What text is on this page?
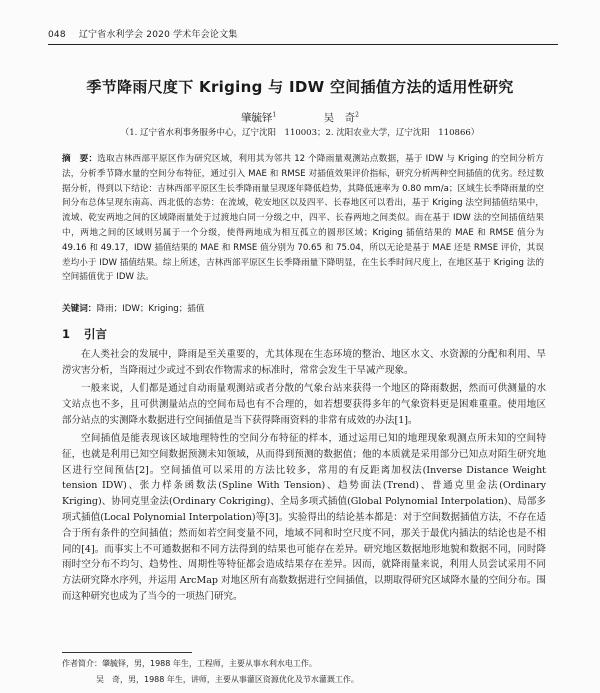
048 辽宁省水利学会 2020 学术年会论文集
季节降雨尺度下 Kriging 与 IDW 空间插值方法的适用性研究
肇毓铎$^1$	吴　奇$^2$
（1. 辽宁省水利事务服务中心，辽宁沈阳　110003；2. 沈阳农业大学，辽宁沈阳　110866）
摘　要：选取吉林西部平原区作为研究区域，利用其为邻共 12 个降雨量观测站点数据，基于 IDW 与 Kriging 的空间分析方法，分析季节降水量的空间分布特征，通过引入 MAE 和 RMSE 对插值效果评价指标，研究分析两种空间插值的优劣。经过数据分析，得到以下结论：吉林西部平原区生长季降雨量呈现逐年降低趋势，其降低速率为 0.80 mm/a；区域生长季降雨量的空间分布总体呈现东南高、西北低的态势：在流域，乾安地区以及四平、长春地区可以看出，基于 Kriging 法空间插值结果中，流域、乾安两地之间的区域降雨量处于过渡地白同一分级之中，四平、长春两地之间类似。而在基于 IDW 法的空间插值结果中，两地之间的区域则另属于一个分级，使得两地成为相互孤立的圆形区域；Kriging 插值结果的 MAE 和 RMSE 值分为 49.16 和 49.17，IDW 插值结果的 MAE 和 RMSE 值分别为 70.65 和 75.04，所以无论是基于 MAE 还是 RMSE 评价，其误差均小于 IDW 插值结果。综上所述，吉林西部平原区生长季降雨量下降明显，在生长季时间尺度上，在地区基于 Kriging 法的空间插值优于 IDW 法。
关键词：降雨；IDW；Kriging；插值
1 引言

在人类社会的发展中，降雨是至关重要的，尤其体现在生态环境的整治、地区水文、水资源的分配和利用、旱涝灾害分析，当降雨过少或过不到农作物需求的标准时，常常会发生干旱减产现象。

一般来说，人们都是通过自动雨量观测站或者分散的气象台站来获得一个地区的降雨数据，然而可供测量的水文站点也不多，且可供测量站点的空间布局也有不合理的，如若想要获得多年的气象资料更是困难重重。使用地区部分站点的实测降水数据进行空间插值是当下获得降雨资料的非常有成效的办法[1]。

空间插值是能表现该区域地理特性的空间分布特征的样本，通过运用已知的地理现象观测点所未知的空间特征，也就是利用已知空间数据预测未知领域，从而得到预测的数据值；他的本质就是采用部分已知点对陌生研究地区进行空间预估[2]。空间插值可以采用的方法比较多，常用的有反距离加权法(Inverse Distance Weight tension IDW)、张力样条函数法(Spline With Tension)、趋势面法(Trend)、普通克里金法(Ordinary Kriging)、协同克里金法(Ordinary Cokriging)、全局多项式插值(Global Polynomial Interpolation)、局部多项式插值(Local Polynomial Interpolation)等[3]。实验得出的结论基本都是：对于空间数据插值方法，不存在适合于所有条件的空间插值；然而如若空间变量不同，地域不同和时空尺度不同，那关于最优内插法的结论也是不相同的[4]。而事实上不可通数据和不同方法得到的结果也可能存在差异。研究地区数据地形地貌和数据不同，同时降雨时空分布不均匀、趋势性、周期性等特征都会造成结果存在差异。因而，就降雨量来说，利用人员尝试采用不同方法研究降水序列，并运用 ArcMap 对地区所有高数数据进行空间插值，以期取得研究区域降水量的空间分布。围而这种研究也成为了当今的一项热门研究。

作者简介：肇毓铎，男，1988 年生，工程师，主要从事水利水电工作。
吴　奇，男，1988 年生，讲师，主要从事灌区资源优化及节水灌溉工作。
